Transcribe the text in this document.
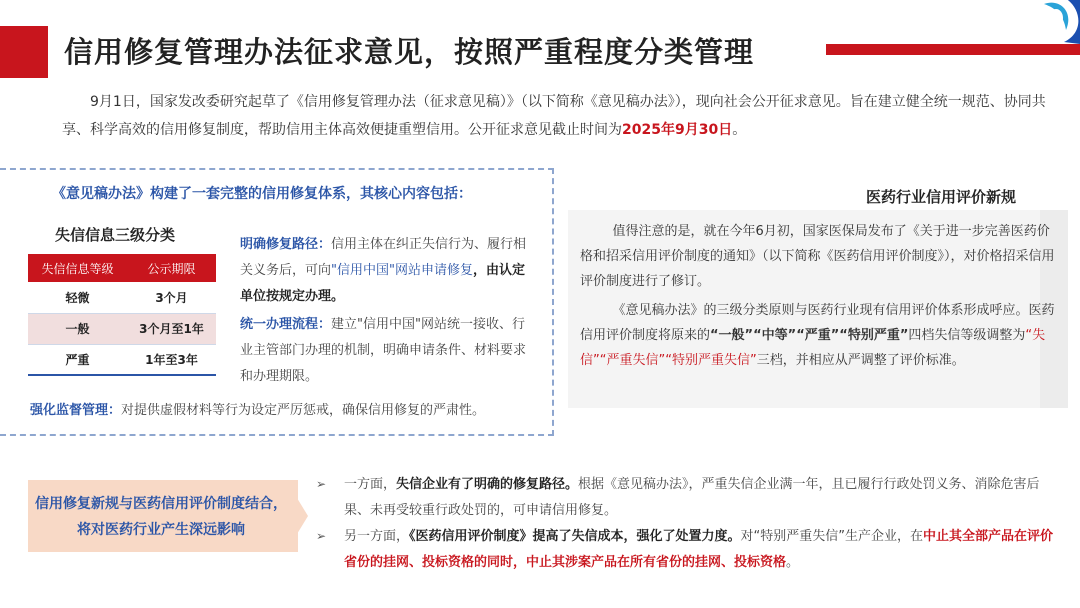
信用修复管理办法征求意见，按照严重程度分类管理

9月1日，国家发改委研究起草了《信用修复管理办法（征求意见稿）》（以下简称《意见稿办法》），现向社会公开征求意见。旨在建立健全统一规范、协同共享、科学高效的信用修复制度，帮助信用主体高效便捷重塑信用。公开征求意见截止时间为2025年9月30日。

《意见稿办法》构建了一套完整的信用修复体系，其核心内容包括：
失信信息三级分类
失信信息等级	公示期限
轻微	3个月
一般	3个月至1年
严重	1年至3年

明确修复路径：信用主体在纠正失信行为、履行相关义务后，可向"信用中国"网站申请修复，由认定单位按规定办理。

统一办理流程：建立"信用中国"网站统一接收、行业主管部门办理的机制，明确申请条件、材料要求和办理期限。

强化监督管理：对提供虚假材料等行为设定严厉惩戒，确保信用修复的严肃性。

医药行业信用评价新规

值得注意的是，就在今年6月初，国家医保局发布了《关于进一步完善医药价格和招采信用评价制度的通知》（以下简称《医药信用评价制度》），对价格招采信用评价制度进行了修订。

《意见稿办法》的三级分类原则与医药行业现有信用评价体系形成呼应。医药信用评价制度将原来的“一般”“中等”“严重”“特别严重”四档失信等级调整为“失信”“严重失信”“特别严重失信”三档，并相应从严调整了评价标准。

信用修复新规与医药信用评价制度结合，将对医药行业产生深远影响
➢ 一方面，失信企业有了明确的修复路径。根据《意见稿办法》，严重失信企业满一年，且已履行行政处罚义务、消除危害后果、未再受较重行政处罚的，可申请信用修复。

➢ 另一方面，《医药信用评价制度》提高了失信成本，强化了处置力度。对“特别严重失信”生产企业，在中止其全部产品在评价省份的挂网、投标资格的同时，中止其涉案产品在所有省份的挂网、投标资格。
